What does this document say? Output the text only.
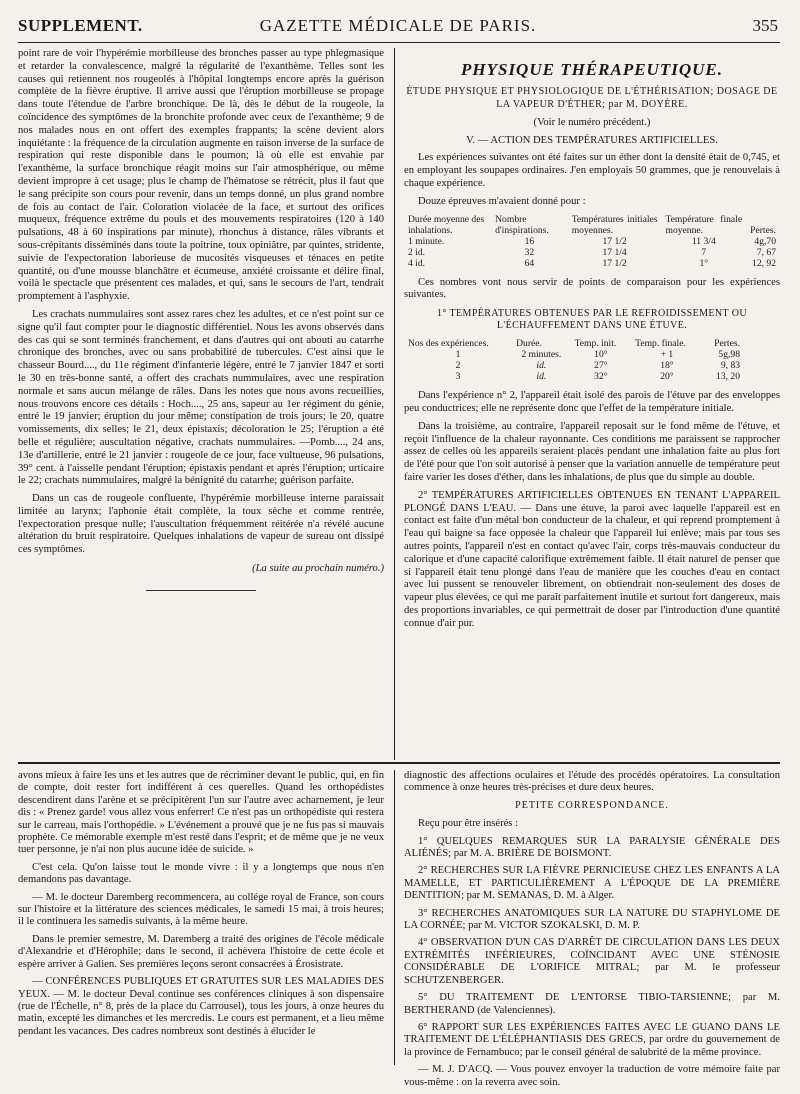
SUPPLEMENT.	GAZETTE MÉDICALE DE PARIS.	355

point rare de voir l'hypérémie morbilleuse des bronches passer au type phlegmasique et retarder la convalescence, malgré la régularité de l'exanthème. Telles sont les causes qui retiennent nos rougeolés à l'hôpital longtemps encore après la guérison complète de la fièvre éruptive. Il arrive aussi que l'éruption morbilleuse se propage dans toute l'étendue de l'arbre bronchique. De là, dès le début de la rougeole, la coïncidence des symptômes de la bronchite profonde avec ceux de l'exanthème; 9 de nos malades nous en ont offert des exemples frappants; la scène devient alors inquiétante : la fréquence de la circulation augmente en raison inverse de la surface de respiration qui reste disponible dans le poumon; là où elle est envahie par l'exanthème, la surface bronchique réagit moins sur l'air atmosphérique, ou même devient impropre à cet usage; plus le champ de l'hématose se rétrécit, plus il faut que le sang précipite son cours pour revenir, dans un temps donné, un plus grand nombre de fois au contact de l'air. Coloration violacée de la face, et surtout des orifices muqueux, fréquence extrême du pouls et des mouvements respiratoires (120 à 140 pulsations, 48 à 60 inspirations par minute), rhonchus à distance, râles vibrants et sous-crépitants disséminés dans toute la poitrine, toux opiniâtre, par quintes, stridente, suivie de l'expectoration laborieuse de mucosités visqueuses et ténaces en petite quantité, ou d'une mousse blanchâtre et écumeuse, anxiété croissante et délire final, voilà le spectacle que présentent ces malades, et qui, sans le secours de l'art, tendrait promptement à l'asphyxie.

Les crachats nummulaires sont assez rares chez les adultes, et ce n'est point sur ce signe qu'il faut compter pour le diagnostic différentiel. Nous les avons observés dans des cas qui se sont terminés franchement, et dans d'autres qui ont abouti au catarrhe chronique des bronches, avec ou sans probabilité de tubercules. C'est ainsi que le chasseur Bourd...., du 11e régiment d'infanterie légère, entré le 7 janvier 1847 et sorti le 30 en très-bonne santé, a offert des crachats nummulaires, avec une respiration normale et sans aucun mélange de râles. Dans les notes que nous avons recueillies, nous trouvons encore ces détails : Hoch...., 25 ans, sapeur au 1er régiment du génie, entré le 19 janvier; éruption du jour même; constipation de trois jours; le 20, quatre vomissements, dix selles; le 21, deux épistaxis; décoloration le 25; l'éruption a été belle et régulière; auscultation négative, crachats nummulaires. —Pomb...., 24 ans, 13e d'artillerie, entré le 21 janvier : rougeole de ce jour, face vultueuse, 96 pulsations, 39° cent. à l'aisselle pendant l'éruption; épistaxis pendant et après l'éruption; urticaire le 22; crachats nummulaires, malgré la bénignité du catarrhe; guérison parfaite.

Dans un cas de rougeole confluente, l'hypérémie morbilleuse interne paraissait limitée au larynx; l'aphonie était complète, la toux sèche et comme rentrée, l'expectoration presque nulle; l'auscultation fréquemment réitérée n'a révélé aucune altération du bruit respiratoire. Quelques inhalations de vapeur de sureau ont dissipé ces symptômes.

(La suite au prochain numéro.)
PHYSIQUE THÉRAPEUTIQUE.
ÉTUDE PHYSIQUE ET PHYSIOLOGIQUE DE L'ÉTHÉRISATION; DOSAGE DE LA VAPEUR D'ÉTHER; par M. DOYÈRE.

(Voir le numéro précédent.)

V. — ACTION DES TEMPÉRATURES ARTIFICIELLES.

Les expériences suivantes ont été faites sur un éther dont la densité était de 0,745, et en employant les soupapes ordinaires. J'en employais 50 grammes, que je renouvelais à chaque expérience.

Douze épreuves m'avaient donné pour :

Durée moyenne des inhalations.	Nombre d'inspirations.	Températures initiales moyennes.	Température finale moyenne.	Pertes.
1 minute.	16	17 1/2	11 3/4	4g,70
2 id.	32	17 1/4	7	7, 67
4 id.	64	17 1/2	1°	12, 92

Ces nombres vont nous servir de points de comparaison pour les expériences suivantes.

1° TEMPÉRATURES OBTENUES PAR LE REFROIDISSEMENT OU L'ÉCHAUFFEMENT DANS UNE ÉTUVE.
Nos des expériences.	Durée.	Temp. init.	Temp. finale.	Pertes.
1	2 minutes.	10°	+ 1	5g,98
2	id.	27°	18°	9, 83
3	id.	32°	20°	13, 20

Dans l'expérience n° 2, l'appareil était isolé des parois de l'étuve par des enveloppes peu conductrices; elle ne représente donc que l'effet de la température initiale.

Dans la troisième, au contraire, l'appareil reposait sur le fond même de l'étuve, et reçoit l'influence de la chaleur rayonnante. Ces conditions me paraissent se rapprocher assez de celles où les appareils seraient placés pendant une inhalation faite au plus fort de l'été pour que l'on soit autorisé à penser que la variation annuelle de température peut faire varier les doses d'éther, dans les inhalations, de plus que du simple au double.

2° TEMPÉRATURES ARTIFICIELLES OBTENUES EN TENANT L'APPAREIL PLONGÉ DANS L'EAU. — Dans une étuve, la paroi avec laquelle l'appareil est en contact est faite d'un métal bon conducteur de la chaleur, et qui reprend promptement à l'eau qui baigne sa face opposée la chaleur que l'appareil lui enlève; mais par tous ses autres points, l'appareil n'est en contact qu'avec l'air, corps très-mauvais conducteur du calorique et d'une capacité calorifique extrêmement faible. Il était naturel de penser que si l'appareil était tenu plongé dans l'eau de manière que les couches d'eau en contact avec lui pussent se renouveler librement, on obtiendrait non-seulement des doses de vapeur plus élevées, ce qui me paraît parfaitement inutile et surtout fort dangereux, mais des proportions invariables, ce qui permettrait de doser par l'introduction d'une quantité connue d'air pur.

avons mieux à faire les uns et les autres que de récriminer devant le public, qui, en fin de compte, doit rester fort indifférent à ces querelles. Quand les orthopédistes descendirent dans l'arène et se précipitèrent l'un sur l'autre avec acharnement, je leur dis : « Prenez garde! vous allez vous enferrer! Ce n'est pas un orthopédiste qui restera sur le carreau, mais l'orthopédie. » L'événement a prouvé que je ne fus pas si mauvais prophète. Ce mémorable exemple m'est resté dans l'esprit; et de même que je ne veux tuer personne, je n'ai non plus aucune idée de suicide. »

C'est cela. Qu'on laisse tout le monde vivre : il y a longtemps que nous n'en demandons pas davantage.

— M. le docteur Daremberg recommencera, au collége royal de France, son cours sur l'histoire et la littérature des sciences médicales, le samedi 15 mai, à trois heures; il le continuera les samedis suivants, à la même heure.

Dans le premier semestre, M. Daremberg a traité des origines de l'école médicale d'Alexandrie et d'Hérophile; dans le second, il achèvera l'histoire de cette école et espère arriver à Galien. Ses premières leçons seront consacrées à Érosistrate.

— CONFÉRENCES PUBLIQUES ET GRATUITES SUR LES MALADIES DES YEUX. — M. le docteur Deval continue ses conférences cliniques à son dispensaire (rue de l'Échelle, n° 8, près de la place du Carrousel), tous les jours, à onze heures du matin, excepté les dimanches et les mercredis. Le cours est permanent, et a lieu même pendant les vacances. Des cadres nombreux sont destinés à élucider le

diagnostic des affections oculaires et l'étude des procédés opératoires. La consultation commence à onze heures très-précises et dure deux heures.

PETITE CORRESPONDANCE.

Reçu pour être insérés :

1° QUELQUES REMARQUES SUR LA PARALYSIE GÉNÉRALE DES ALIÉNÉS; par M. A. BRIÈRE DE BOISMONT.

2° RECHERCHES SUR LA FIÈVRE PERNICIEUSE CHEZ LES ENFANTS A LA MAMELLE, ET PARTICULIÈREMENT A L'ÉPOQUE DE LA PREMIÈRE DENTITION; par M. SEMANAS, D. M. à Alger.

3° RECHERCHES ANATOMIQUES SUR LA NATURE DU STAPHYLOME DE LA CORNÉE; par M. VICTOR SZOKALSKI, D. M. P.

4° OBSERVATION D'UN CAS D'ARRÊT DE CIRCULATION DANS LES DEUX EXTRÉMITÉS INFÉRIEURES, COÏNCIDANT AVEC UNE STÉNOSIE CONSIDÉRABLE DE L'ORIFICE MITRAL; par M. le professeur SCHUTZENBERGER.

5° DU TRAITEMENT DE L'ENTORSE TIBIO-TARSIENNE; par M. BERTHERAND (de Valenciennes).

6° RAPPORT SUR LES EXPÉRIENCES FAITES AVEC LE GUANO DANS LE TRAITEMENT DE L'ÉLÉPHANTIASIS DES GRECS, par ordre du gouvernement de la province de Fernambuco; par le conseil général de salubrité de la même province.

— M. J. D'ACQ. — Vous pouvez envoyer la traduction de votre mémoire faite par vous-même : on la reverra avec soin.
